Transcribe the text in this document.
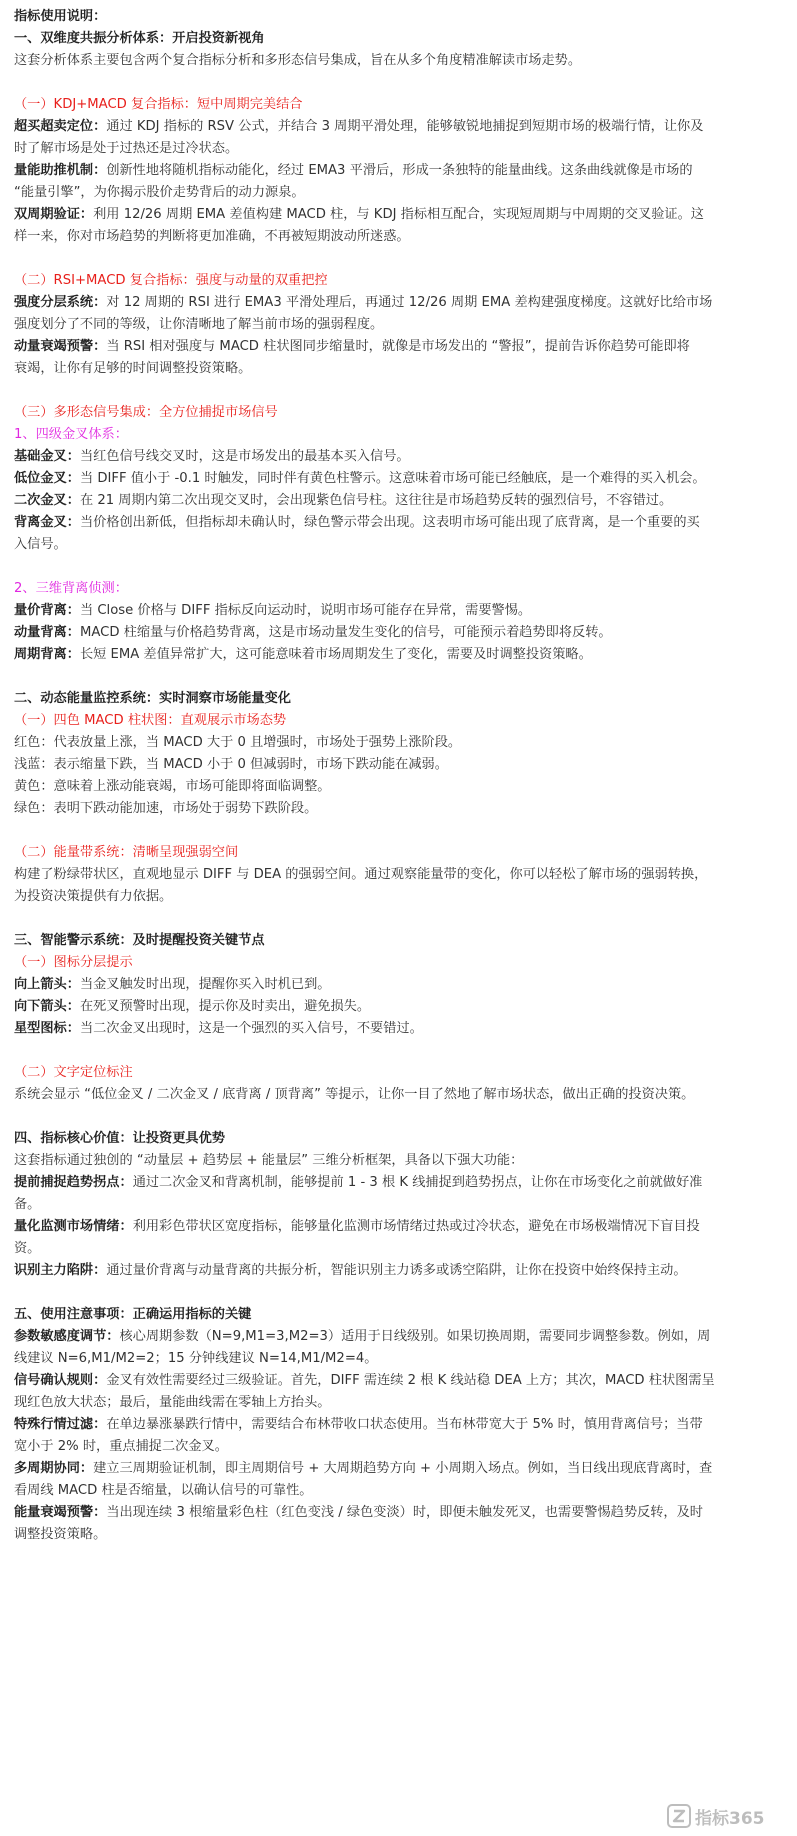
指标使用说明：
一、双维度共振分析体系：开启投资新视角
这套分析体系主要包含两个复合指标分析和多形态信号集成，旨在从多个角度精准解读市场走势。
（一）KDJ+MACD 复合指标：短中周期完美结合
超买超卖定位：通过 KDJ 指标的 RSV 公式，并结合 3 周期平滑处理，能够敏锐地捕捉到短期市场的极端行情，让你及
时了解市场是处于过热还是过冷状态。
量能助推机制：创新性地将随机指标动能化，经过 EMA3 平滑后，形成一条独特的能量曲线。这条曲线就像是市场的
“能量引擎”，为你揭示股价走势背后的动力源泉。
双周期验证：利用 12/26 周期 EMA 差值构建 MACD 柱，与 KDJ 指标相互配合，实现短周期与中周期的交叉验证。这
样一来，你对市场趋势的判断将更加准确，不再被短期波动所迷惑。
（二）RSI+MACD 复合指标：强度与动量的双重把控
强度分层系统：对 12 周期的 RSI 进行 EMA3 平滑处理后，再通过 12/26 周期 EMA 差构建强度梯度。这就好比给市场
强度划分了不同的等级，让你清晰地了解当前市场的强弱程度。
动量衰竭预警：当 RSI 相对强度与 MACD 柱状图同步缩量时，就像是市场发出的 “警报”，提前告诉你趋势可能即将
衰竭，让你有足够的时间调整投资策略。
（三）多形态信号集成：全方位捕捉市场信号
1、四级金叉体系：
基础金叉：当红色信号线交叉时，这是市场发出的最基本买入信号。
低位金叉：当 DIFF 值小于 -0.1 时触发，同时伴有黄色柱警示。这意味着市场可能已经触底，是一个难得的买入机会。
二次金叉：在 21 周期内第二次出现交叉时，会出现紫色信号柱。这往往是市场趋势反转的强烈信号，不容错过。
背离金叉：当价格创出新低，但指标却未确认时，绿色警示带会出现。这表明市场可能出现了底背离，是一个重要的买
入信号。
2、三维背离侦测：
量价背离：当 Close 价格与 DIFF 指标反向运动时，说明市场可能存在异常，需要警惕。
动量背离：MACD 柱缩量与价格趋势背离，这是市场动量发生变化的信号，可能预示着趋势即将反转。
周期背离：长短 EMA 差值异常扩大，这可能意味着市场周期发生了变化，需要及时调整投资策略。
二、动态能量监控系统：实时洞察市场能量变化
（一）四色 MACD 柱状图：直观展示市场态势
红色：代表放量上涨，当 MACD 大于 0 且增强时，市场处于强势上涨阶段。
浅蓝：表示缩量下跌，当 MACD 小于 0 但减弱时，市场下跌动能在减弱。
黄色：意味着上涨动能衰竭，市场可能即将面临调整。
绿色：表明下跌动能加速，市场处于弱势下跌阶段。
（二）能量带系统：清晰呈现强弱空间
构建了粉绿带状区，直观地显示 DIFF 与 DEA 的强弱空间。通过观察能量带的变化，你可以轻松了解市场的强弱转换，
为投资决策提供有力依据。
三、智能警示系统：及时提醒投资关键节点
（一）图标分层提示
向上箭头：当金叉触发时出现，提醒你买入时机已到。
向下箭头：在死叉预警时出现，提示你及时卖出，避免损失。
星型图标：当二次金叉出现时，这是一个强烈的买入信号，不要错过。
（二）文字定位标注
系统会显示 “低位金叉 / 二次金叉 / 底背离 / 顶背离” 等提示，让你一目了然地了解市场状态，做出正确的投资决策。
四、指标核心价值：让投资更具优势
这套指标通过独创的 “动量层 + 趋势层 + 能量层” 三维分析框架，具备以下强大功能：
提前捕捉趋势拐点：通过二次金叉和背离机制，能够提前 1 - 3 根 K 线捕捉到趋势拐点，让你在市场变化之前就做好准
备。
量化监测市场情绪：利用彩色带状区宽度指标，能够量化监测市场情绪过热或过冷状态，避免在市场极端情况下盲目投
资。
识别主力陷阱：通过量价背离与动量背离的共振分析，智能识别主力诱多或诱空陷阱，让你在投资中始终保持主动。
五、使用注意事项：正确运用指标的关键
参数敏感度调节：核心周期参数（N=9,M1=3,M2=3）适用于日线级别。如果切换周期，需要同步调整参数。例如，周
线建议 N=6,M1/M2=2；15 分钟线建议 N=14,M1/M2=4。
信号确认规则：金叉有效性需要经过三级验证。首先，DIFF 需连续 2 根 K 线站稳 DEA 上方；其次，MACD 柱状图需呈
现红色放大状态；最后，量能曲线需在零轴上方抬头。
特殊行情过滤：在单边暴涨暴跌行情中，需要结合布林带收口状态使用。当布林带宽大于 5% 时，慎用背离信号；当带
宽小于 2% 时，重点捕捉二次金叉。
多周期协同：建立三周期验证机制，即主周期信号 + 大周期趋势方向 + 小周期入场点。例如，当日线出现底背离时，查
看周线 MACD 柱是否缩量，以确认信号的可靠性。
能量衰竭预警：当出现连续 3 根缩量彩色柱（红色变浅 / 绿色变淡）时，即便未触发死叉，也需要警惕趋势反转，及时
调整投资策略。
指标365
